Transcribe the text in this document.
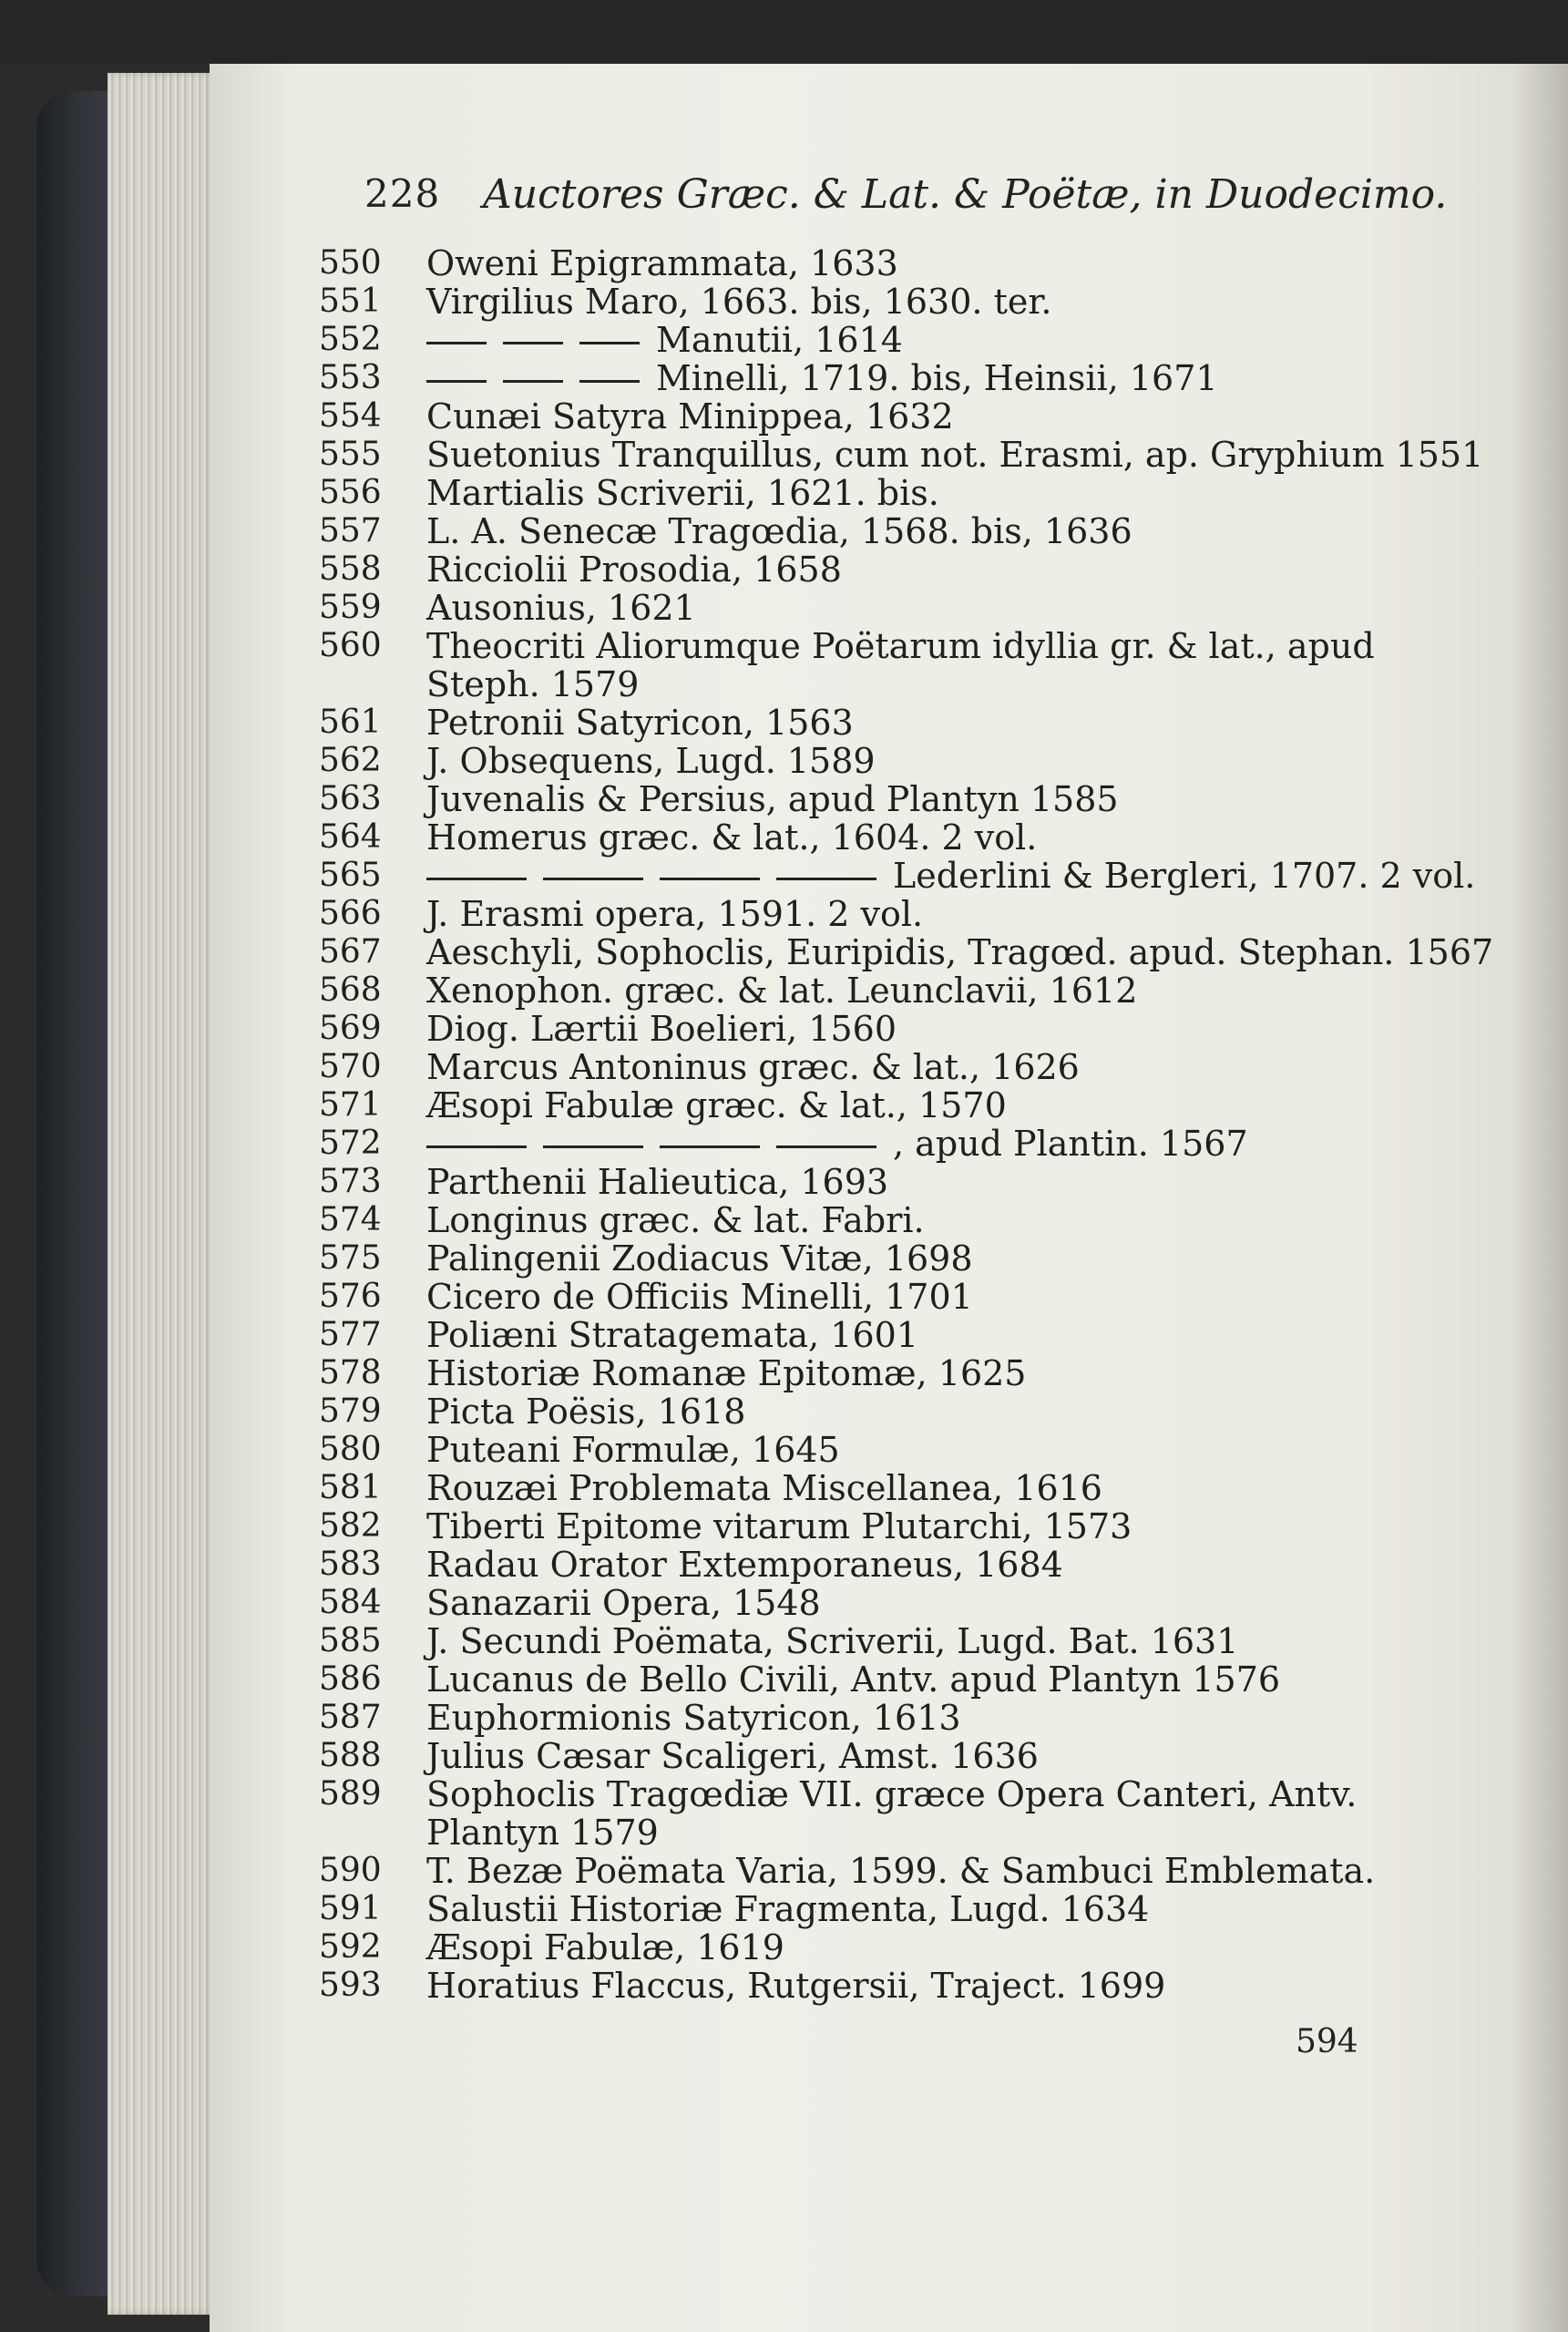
228 Auctores Græc. & Lat. & Poëtæ, in Duodecimo.
550	Oweni Epigrammata, 1633
551	Virgilius Maro, 1663. bis, 1630. ter.
552	Manutii, 1614
553	Minelli, 1719. bis, Heinsii, 1671
554	Cunæi Satyra Minippea, 1632
555	Suetonius Tranquillus, cum not. Erasmi, ap. Gryphium 1551
556	Martialis Scriverii, 1621. bis.
557	L. A. Senecæ Tragœdia, 1568. bis, 1636
558	Ricciolii Prosodia, 1658
559	Ausonius, 1621
560	Theocriti Aliorumque Poëtarum idyllia gr. & lat., apud
Steph. 1579
561	Petronii Satyricon, 1563
562	J. Obsequens, Lugd. 1589
563	Juvenalis & Persius, apud Plantyn 1585
564	Homerus græc. & lat., 1604. 2 vol.
565	Lederlini & Bergleri, 1707. 2 vol.
566	J. Erasmi opera, 1591. 2 vol.
567	Aeschyli, Sophoclis, Euripidis, Tragœd. apud. Stephan. 1567
568	Xenophon. græc. & lat. Leunclavii, 1612
569	Diog. Lærtii Boelieri, 1560
570	Marcus Antoninus græc. & lat., 1626
571	Æsopi Fabulæ græc. & lat., 1570
572	, apud Plantin. 1567
573	Parthenii Halieutica, 1693
574	Longinus græc. & lat. Fabri.
575	Palingenii Zodiacus Vitæ, 1698
576	Cicero de Officiis Minelli, 1701
577	Poliæni Stratagemata, 1601
578	Historiæ Romanæ Epitomæ, 1625
579	Picta Poësis, 1618
580	Puteani Formulæ, 1645
581	Rouzæi Problemata Miscellanea, 1616
582	Tiberti Epitome vitarum Plutarchi, 1573
583	Radau Orator Extemporaneus, 1684
584	Sanazarii Opera, 1548
585	J. Secundi Poëmata, Scriverii, Lugd. Bat. 1631
586	Lucanus de Bello Civili, Antv. apud Plantyn 1576
587	Euphormionis Satyricon, 1613
588	Julius Cæsar Scaligeri, Amst. 1636
589	Sophoclis Tragœdiæ VII. græce Opera Canteri, Antv.
Plantyn 1579
590	T. Bezæ Poëmata Varia, 1599. & Sambuci Emblemata.
591	Salustii Historiæ Fragmenta, Lugd. 1634
592	Æsopi Fabulæ, 1619
593	Horatius Flaccus, Rutgersii, Traject. 1699
594
